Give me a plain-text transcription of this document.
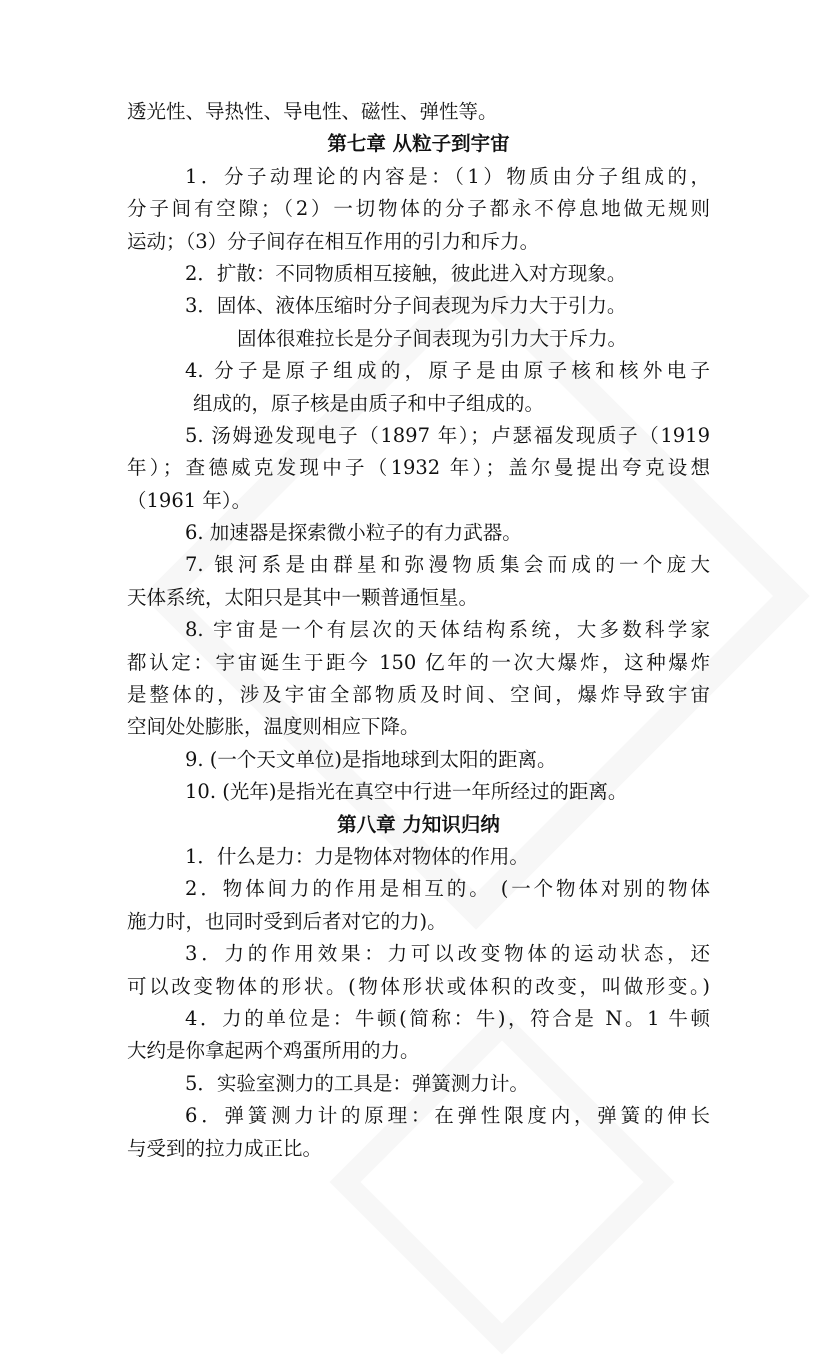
透光性、导热性、导电性、磁性、弹性等。
第七章 从粒子到宇宙
1．分子动理论的内容是：（1）物质由分子组成的，
分子间有空隙；（2）一切物体的分子都永不停息地做无规则
运动；（3）分子间存在相互作用的引力和斥力。
2．扩散：不同物质相互接触，彼此进入对方现象。
3．固体、液体压缩时分子间表现为斥力大于引力。
固体很难拉长是分子间表现为引力大于斥力。
4. 分子是原子组成的，原子是由原子核和核外电子
组成的，原子核是由质子和中子组成的。
5. 汤姆逊发现电子（1897 年）；卢瑟福发现质子（1919
年）；查德威克发现中子（1932 年）；盖尔曼提出夸克设想
（1961 年）。
6. 加速器是探索微小粒子的有力武器。
7. 银河系是由群星和弥漫物质集会而成的一个庞大
天体系统，太阳只是其中一颗普通恒星。
8. 宇宙是一个有层次的天体结构系统，大多数科学家
都认定：宇宙诞生于距今 150 亿年的一次大爆炸，这种爆炸
是整体的，涉及宇宙全部物质及时间、空间，爆炸导致宇宙
空间处处膨胀，温度则相应下降。
9. (一个天文单位)是指地球到太阳的距离。
10. (光年)是指光在真空中行进一年所经过的距离。
第八章 力知识归纳
1．什么是力：力是物体对物体的作用。
2．物体间力的作用是相互的。 (一个物体对别的物体
施力时，也同时受到后者对它的力)。
3．力的作用效果：力可以改变物体的运动状态，还
可以改变物体的形状。(物体形状或体积的改变，叫做形变。)
4．力的单位是：牛顿(简称：牛)，符合是 N。1 牛顿
大约是你拿起两个鸡蛋所用的力。
5．实验室测力的工具是：弹簧测力计。
6．弹簧测力计的原理：在弹性限度内，弹簧的伸长
与受到的拉力成正比。
